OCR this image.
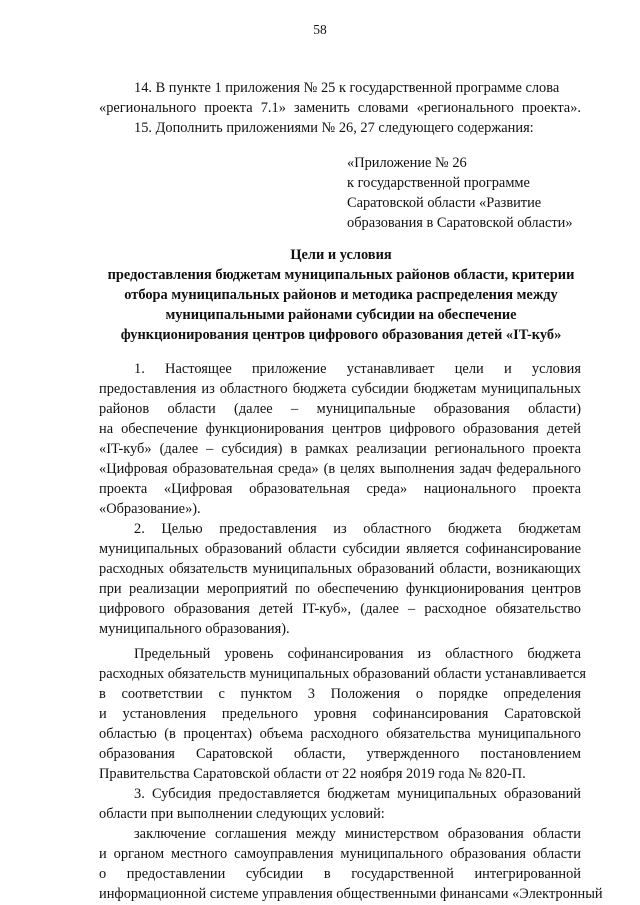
58
14. В пункте 1 приложения № 25 к государственной программе слова
«регионального проекта 7.1» заменить словами «регионального проекта».
15. Дополнить приложениями № 26, 27 следующего содержания:
«Приложение № 26
к государственной программе
Саратовской области «Развитие
образования в Саратовской области»
Цели и условия
предоставления бюджетам муниципальных районов области, критерии
отбора муниципальных районов и методика распределения между
муниципальными районами субсидии на обеспечение
функционирования центров цифрового образования детей «IT-куб»
1. Настоящее приложение устанавливает цели и условия
предоставления из областного бюджета субсидии бюджетам муниципальных
районов области (далее – муниципальные образования области)
на обеспечение функционирования центров цифрового образования детей
«IT-куб» (далее – субсидия) в рамках реализации регионального проекта
«Цифровая образовательная среда» (в целях выполнения задач федерального
проекта «Цифровая образовательная среда» национального проекта
«Образование»).
2. Целью предоставления из областного бюджета бюджетам
муниципальных образований области субсидии является софинансирование
расходных обязательств муниципальных образований области, возникающих
при реализации мероприятий по обеспечению функционирования центров
цифрового образования детей IT-куб», (далее – расходное обязательство
муниципального образования).
Предельный уровень софинансирования из областного бюджета
расходных обязательств муниципальных образований области устанавливается
в соответствии с пунктом 3 Положения о порядке определения
и установления предельного уровня софинансирования Саратовской
областью (в процентах) объема расходного обязательства муниципального
образования Саратовской области, утвержденного постановлением
Правительства Саратовской области от 22 ноября 2019 года № 820-П.
3. Субсидия предоставляется бюджетам муниципальных образований
области при выполнении следующих условий:
заключение соглашения между министерством образования области
и органом местного самоуправления муниципального образования области
о предоставлении субсидии в государственной интегрированной
информационной системе управления общественными финансами «Электронный
